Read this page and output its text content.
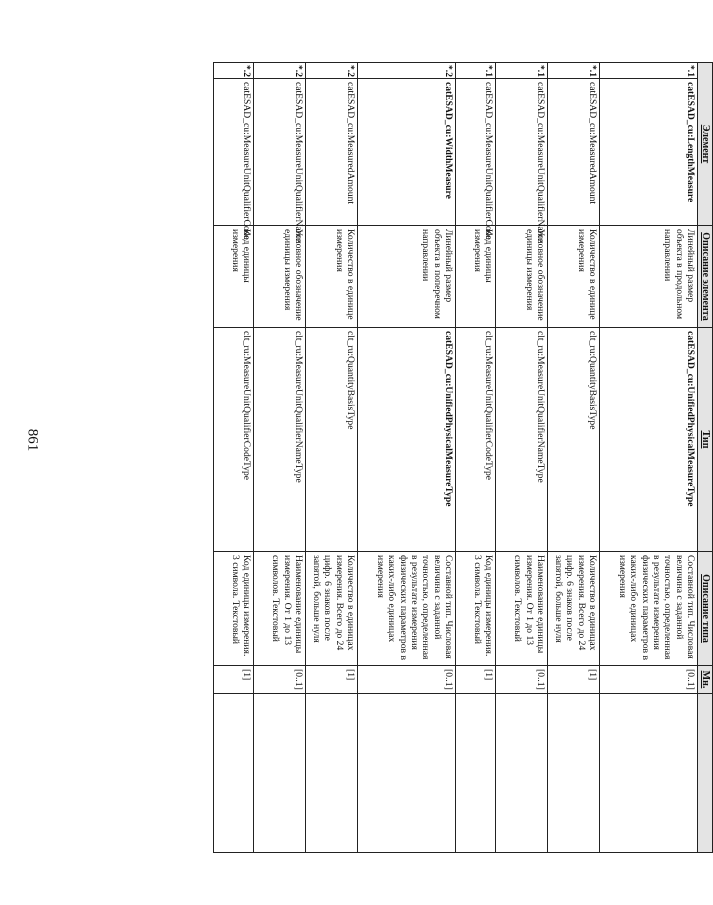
861
Элемент		Описание элемента	Тип	Описание типа	Мн.	
*.1	catESAD_cu:LengthMeasure	Линейный размер объекта в продольном направлении	catESAD_cu:UnifiedPhysicalMeasureType	Составной тип. Числовая величина с заданной точностью, определенная в результате измерения физических параметров в каких-либо единицах измерения	[0..1]	
*.1	catESAD_cu:MeasuredAmount	Количество в единице измерения	clt_ru:QuantityBasisType	Количество в единицах измерения. Всего до 24 цифр. 6 знаков после запятой, больше нуля	[1]	
*.1	catESAD_cu:MeasureUnitQualifierName	Условное обозначение единицы измерения	clt_ru:MeasureUnitQualifierNameType	Наименование единицы измерения. От 1 до 13 символов. Текстовый	[0..1]	
*.1	catESAD_cu:MeasureUnitQualifierCode	Код единицы измерения	clt_ru:MeasureUnitQualifierCodeType	Код единицы измерения. 3 символа. Текстовый	[1]	
*.2	catESAD_cu:WidthMeasure	Линейный размер объекта в поперечном направлении	catESAD_cu:UnifiedPhysicalMeasureType	Составной тип. Числовая величина с заданной точностью, определенная в результате измерения физических параметров в каких-либо единицах измерения	[0..1]	
*.2	catESAD_cu:MeasuredAmount	Количество в единице измерения	clt_ru:QuantityBasisType	Количество в единицах измерения. Всего до 24 цифр. 6 знаков после запятой, больше нуля	[1]	
*.2	catESAD_cu:MeasureUnitQualifierName	Условное обозначение единицы измерения	clt_ru:MeasureUnitQualifierNameType	Наименование единицы измерения. От 1 до 13 символов. Текстовый	[0..1]	
*.2	catESAD_cu:MeasureUnitQualifierCode	Код единицы измерения	clt_ru:MeasureUnitQualifierCodeType	Код единицы измерения. 3 символа. Текстовый	[1]	
